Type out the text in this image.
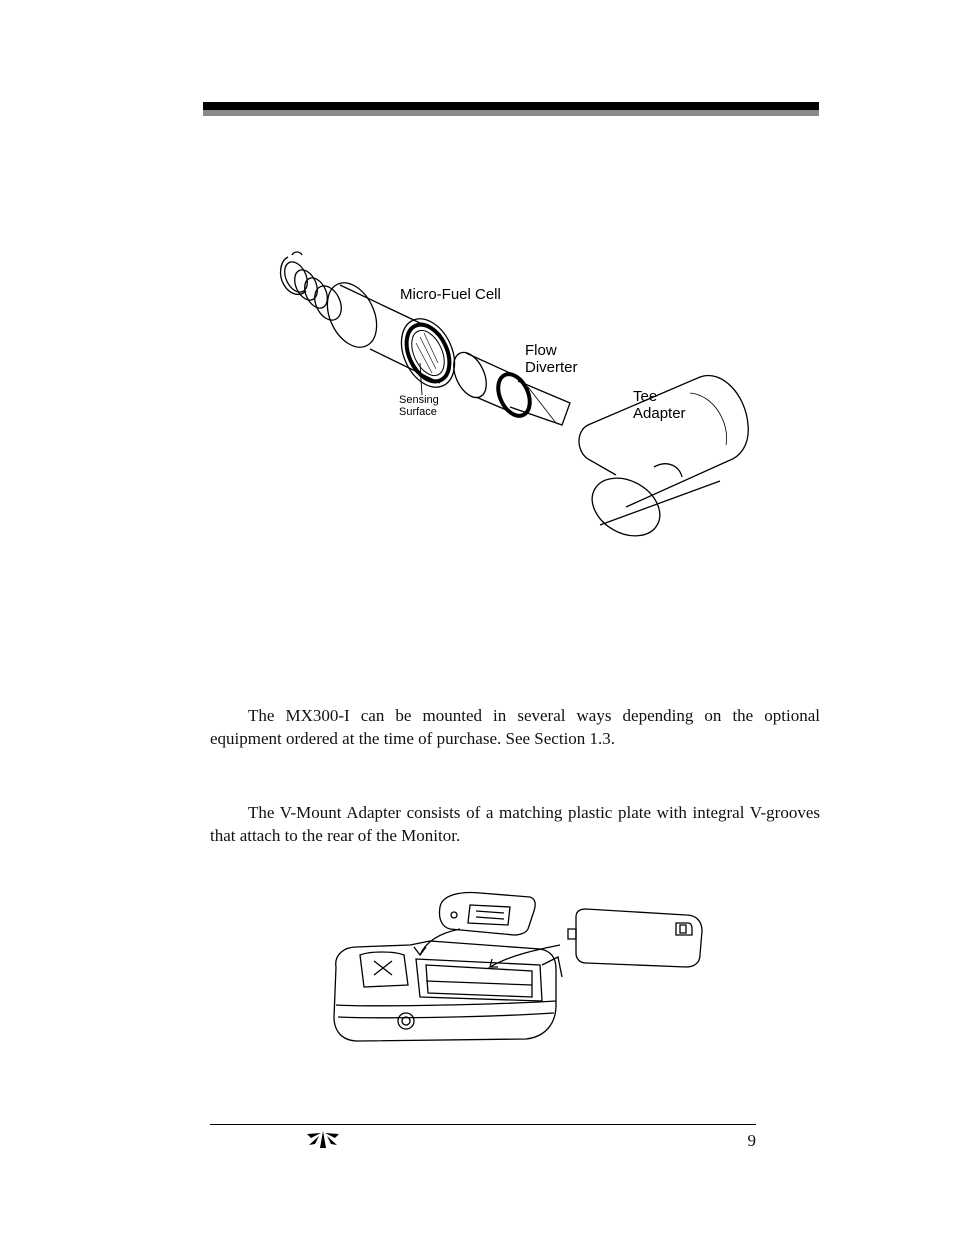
Micro-Fuel Cell
Flow
Diverter
Tee
Adapter
Sensing
Surface

The MX300-I can be mounted in several ways depending on the optional equipment ordered at the time of purchase. See Section 1.3.

The V-Mount Adapter consists of a matching plastic plate with integral V-grooves that attach to the rear of the Monitor.

9
